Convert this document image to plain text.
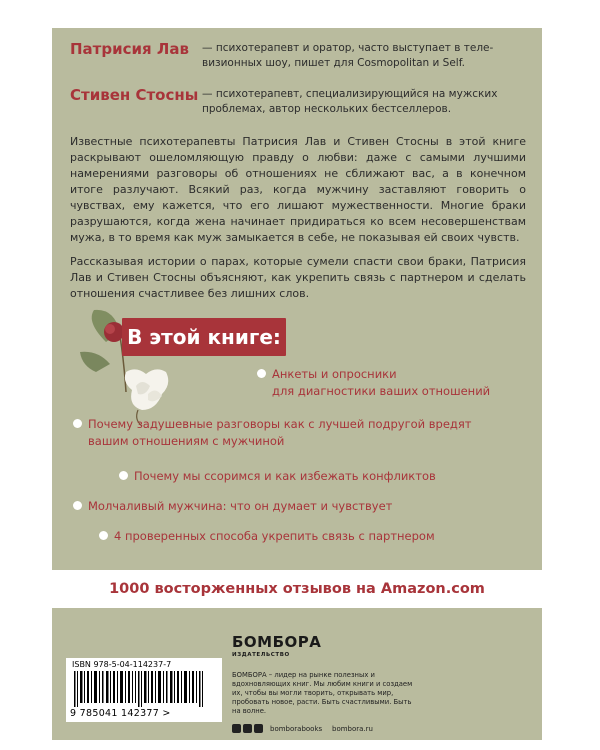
Патрисия Лав — психотерапевт и оратор, часто выступает в теле-
визионных шоу, пишет для Cosmopolitan и Self.
Стивен Стосны — психотерапевт, специализирующийся на мужских
проблемах, автор нескольких бестселлеров.
Известные психотерапевты Патрисия Лав и Стивен Стосны в этой книге раскрывают ошеломляющую правду о любви: даже с самыми лучшими намерениями разговоры об отношениях не сближают вас, а в конечном итоге разлучают. Всякий раз, когда мужчину заставляют говорить о чувствах, ему кажется, что его лишают мужественности. Многие браки разрушаются, когда жена начинает придираться ко всем несовершенствам мужа, в то время как муж замыкается в себе, не показывая ей своих чувств.
Рассказывая истории о парах, которые сумели спасти свои браки, Патрисия Лав и Стивен Стосны объясняют, как укрепить связь с партнером и сделать отношения счастливее без лишних слов.
В этой книге:
Анкеты и опросники
для диагностики ваших отношений
Почему задушевные разговоры как с лучшей подругой вредят
вашим отношениям с мужчиной
Почему мы ссоримся и как избежать конфликтов
Молчаливый мужчина: что он думает и чувствует
4 проверенных способа укрепить связь с партнером
1000 восторженных отзывов на Amazon.com
ISBN 978-5-04-114237-7
9 785041 142377 >
БОМБОРА
ИЗДАТЕЛЬСТВО
БОМБОРА – лидер на рынке полезных и вдохновляющих книг. Мы любим книги и создаем их, чтобы вы могли творить, открывать мир, пробовать новое, расти. Быть счастливыми. Быть на волне.
bomborabooks bombora.ru
